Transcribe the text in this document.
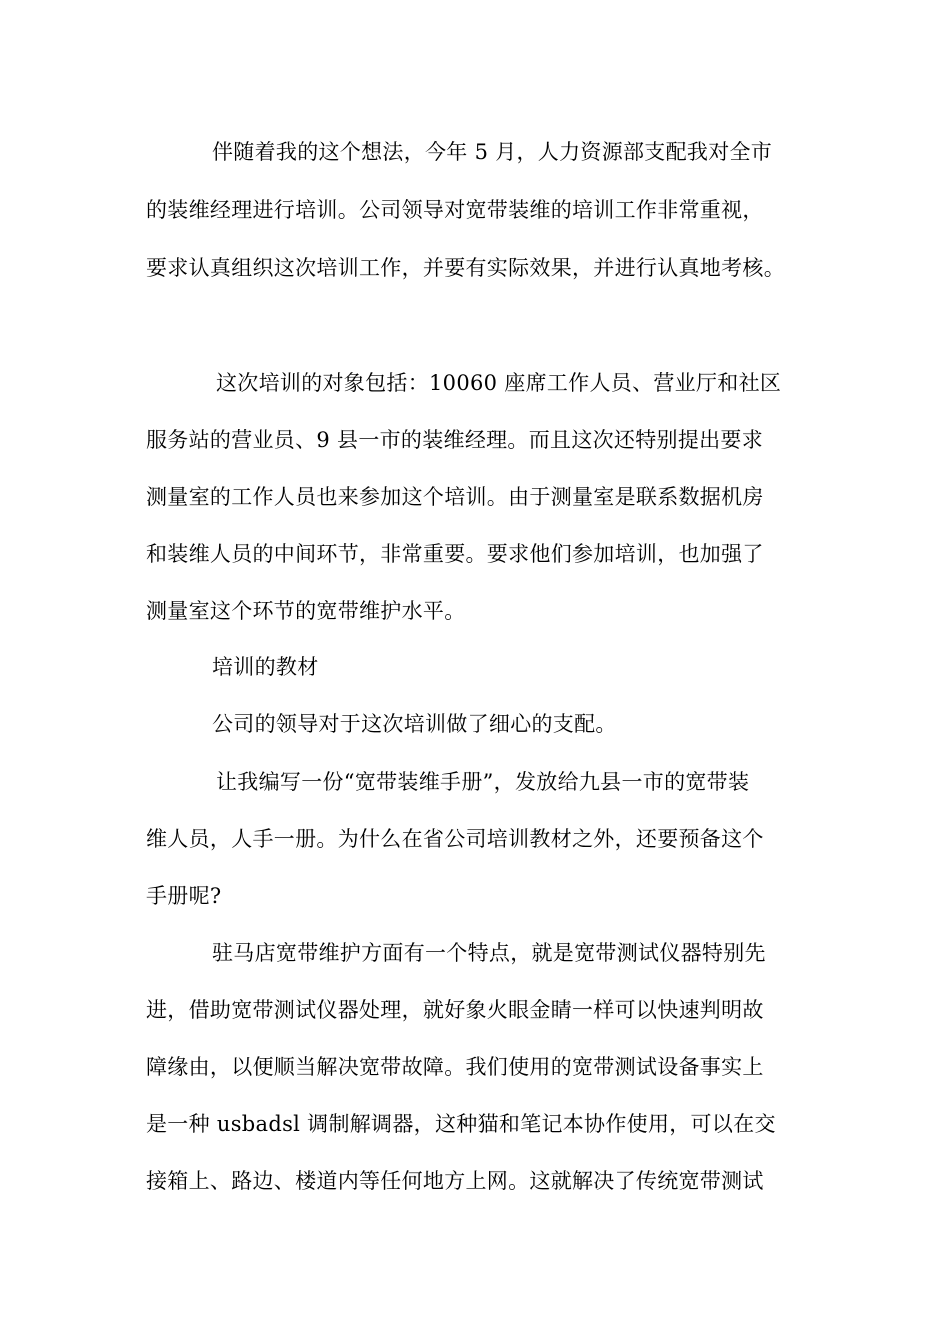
伴随着我的这个想法，今年 5 月，人力资源部支配我对全市
的装维经理进行培训。公司领导对宽带装维的培训工作非常重视，
要求认真组织这次培训工作，并要有实际效果，并进行认真地考核。
这次培训的对象包括：10060 座席工作人员、营业厅和社区
服务站的营业员、9 县一市的装维经理。而且这次还特别提出要求
测量室的工作人员也来参加这个培训。由于测量室是联系数据机房
和装维人员的中间环节，非常重要。要求他们参加培训，也加强了
测量室这个环节的宽带维护水平。
培训的教材
公司的领导对于这次培训做了细心的支配。
让我编写一份“宽带装维手册”，发放给九县一市的宽带装
维人员，人手一册。为什么在省公司培训教材之外，还要预备这个
手册呢?
驻马店宽带维护方面有一个特点，就是宽带测试仪器特别先
进，借助宽带测试仪器处理，就好象火眼金睛一样可以快速判明故
障缘由，以便顺当解决宽带故障。我们使用的宽带测试设备事实上
是一种 usbadsl 调制解调器，这种猫和笔记本协作使用，可以在交
接箱上、路边、楼道内等任何地方上网。这就解决了传统宽带测试
